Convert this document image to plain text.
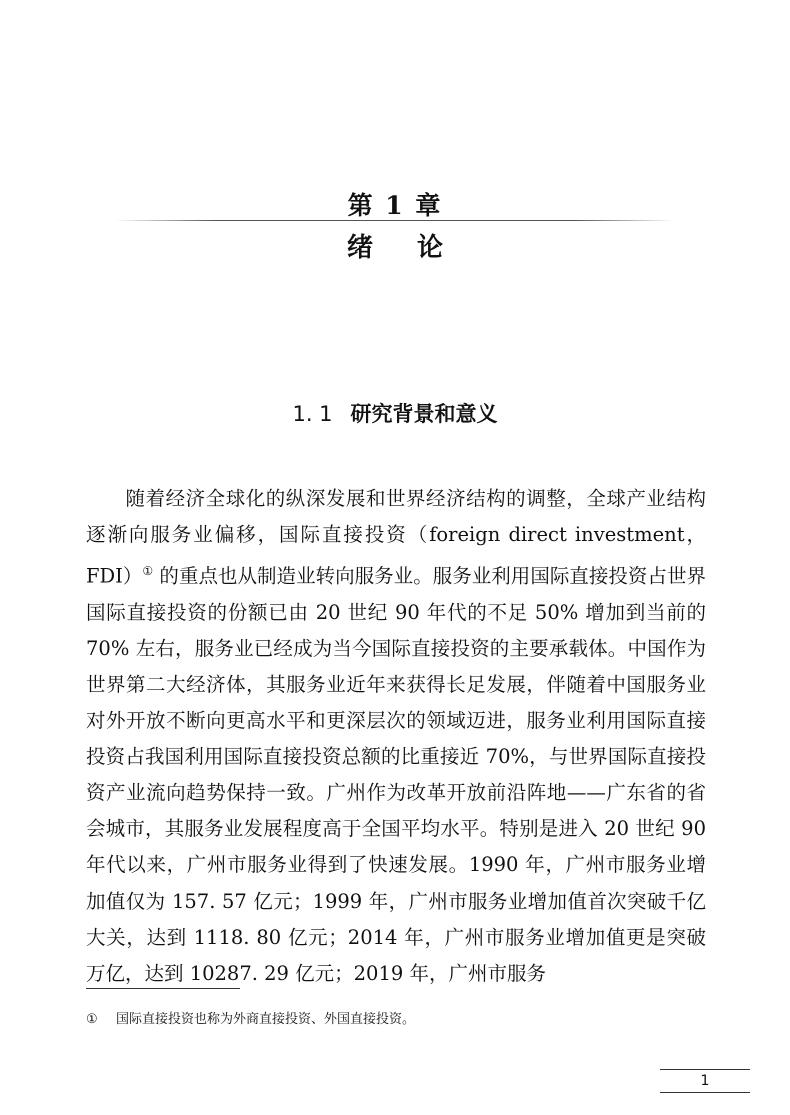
第 1 章
绪 论
1. 1 研究背景和意义
随着经济全球化的纵深发展和世界经济结构的调整，全球产业结构逐渐向服务业偏移，国际直接投资（foreign direct investment，FDI）① 的重点也从制造业转向服务业。服务业利用国际直接投资占世界国际直接投资的份额已由 20 世纪 90 年代的不足 50% 增加到当前的 70% 左右，服务业已经成为当今国际直接投资的主要承载体。中国作为世界第二大经济体，其服务业近年来获得长足发展，伴随着中国服务业对外开放不断向更高水平和更深层次的领域迈进，服务业利用国际直接投资占我国利用国际直接投资总额的比重接近 70%，与世界国际直接投资产业流向趋势保持一致。广州作为改革开放前沿阵地——广东省的省会城市，其服务业发展程度高于全国平均水平。特别是进入 20 世纪 90 年代以来，广州市服务业得到了快速发展。1990 年，广州市服务业增加值仅为 157. 57 亿元；1999 年，广州市服务业增加值首次突破千亿大关，达到 1118. 80 亿元；2014 年，广州市服务业增加值更是突破万亿，达到 10287. 29 亿元；2019 年，广州市服务
① 国际直接投资也称为外商直接投资、外国直接投资。
1
